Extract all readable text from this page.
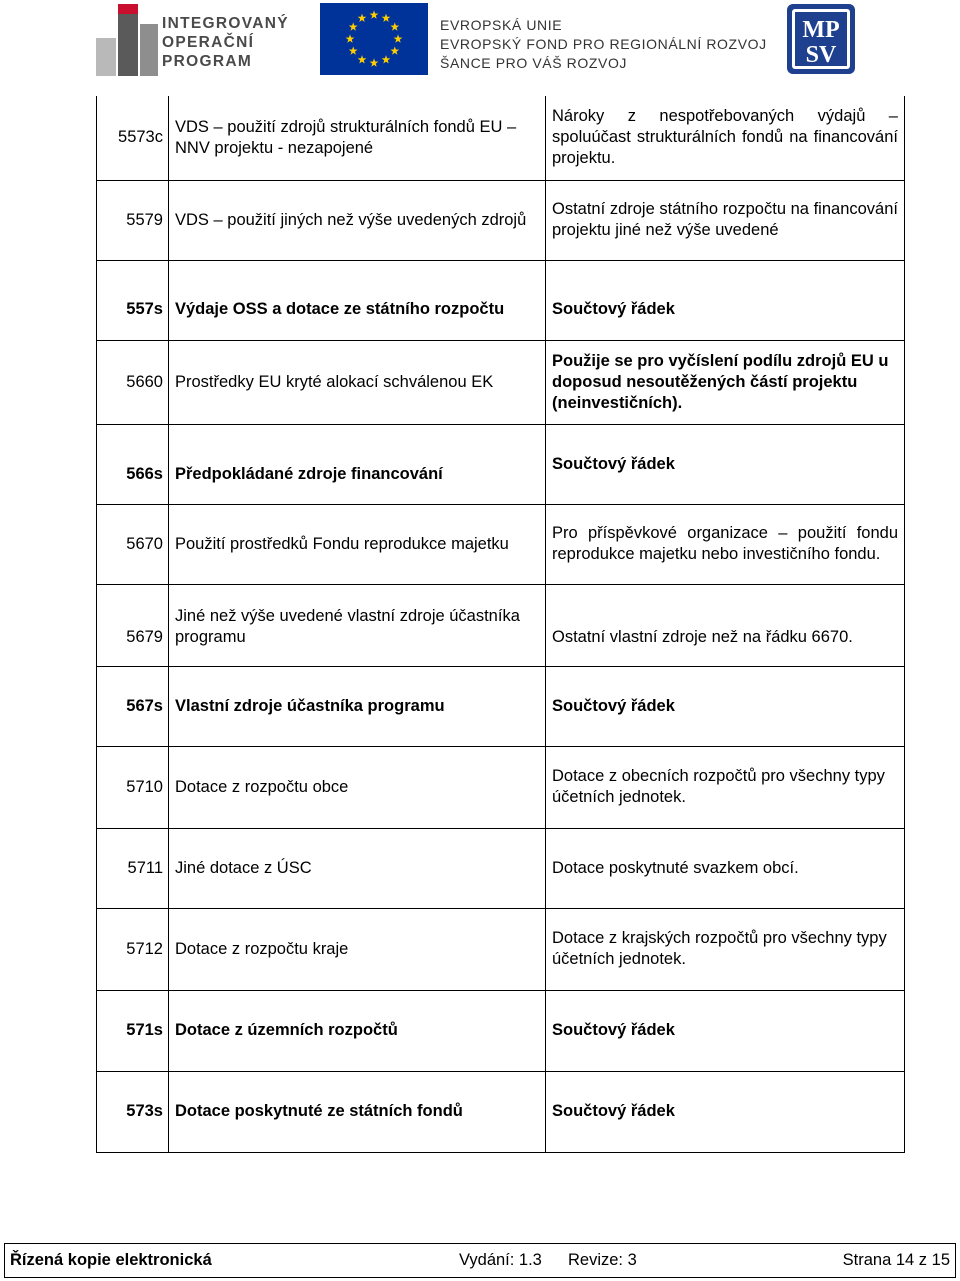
INTEGROVANÝ
OPERAČNÍ
PROGRAM
EVROPSKÁ UNIE
EVROPSKÝ FOND PRO REGIONÁLNÍ ROZVOJ
ŠANCE PRO VÁŠ ROZVOJ
MP
SV
5573c	VDS – použití zdrojů strukturálních fondů EU – NNV projektu - nezapojené	Nároky z nespotřebovaných výdajů – spoluúčast strukturálních fondů na financování projektu.
5579	VDS – použití jiných než výše uvedených zdrojů	Ostatní zdroje státního rozpočtu na financování projektu jiné než výše uvedené
557s	Výdaje OSS a dotace ze státního rozpočtu	Součtový řádek
5660	Prostředky EU kryté alokací schválenou EK	Použije se pro vyčíslení podílu zdrojů EU u doposud nesoutěžených částí projektu (neinvestičních).
566s	Předpokládané zdroje financování	Součtový řádek
5670	Použití prostředků Fondu reprodukce majetku	Pro příspěvkové organizace – použití fondu reprodukce majetku nebo investičního fondu.
5679	Jiné než výše uvedené vlastní zdroje účastníka programu	Ostatní vlastní zdroje než na řádku 6670.
567s	Vlastní zdroje účastníka programu	Součtový řádek
5710	Dotace z rozpočtu obce	Dotace z obecních rozpočtů pro všechny typy účetních jednotek.
5711	Jiné dotace z ÚSC	Dotace poskytnuté svazkem obcí.
5712	Dotace z rozpočtu kraje	Dotace z krajských rozpočtů pro všechny typy účetních jednotek.
571s	Dotace z územních rozpočtů	Součtový řádek
573s	Dotace poskytnuté ze státních fondů	Součtový řádek
Řízená kopie elektronická	Vydání: 1.3 Revize: 3	Strana 14 z 15
